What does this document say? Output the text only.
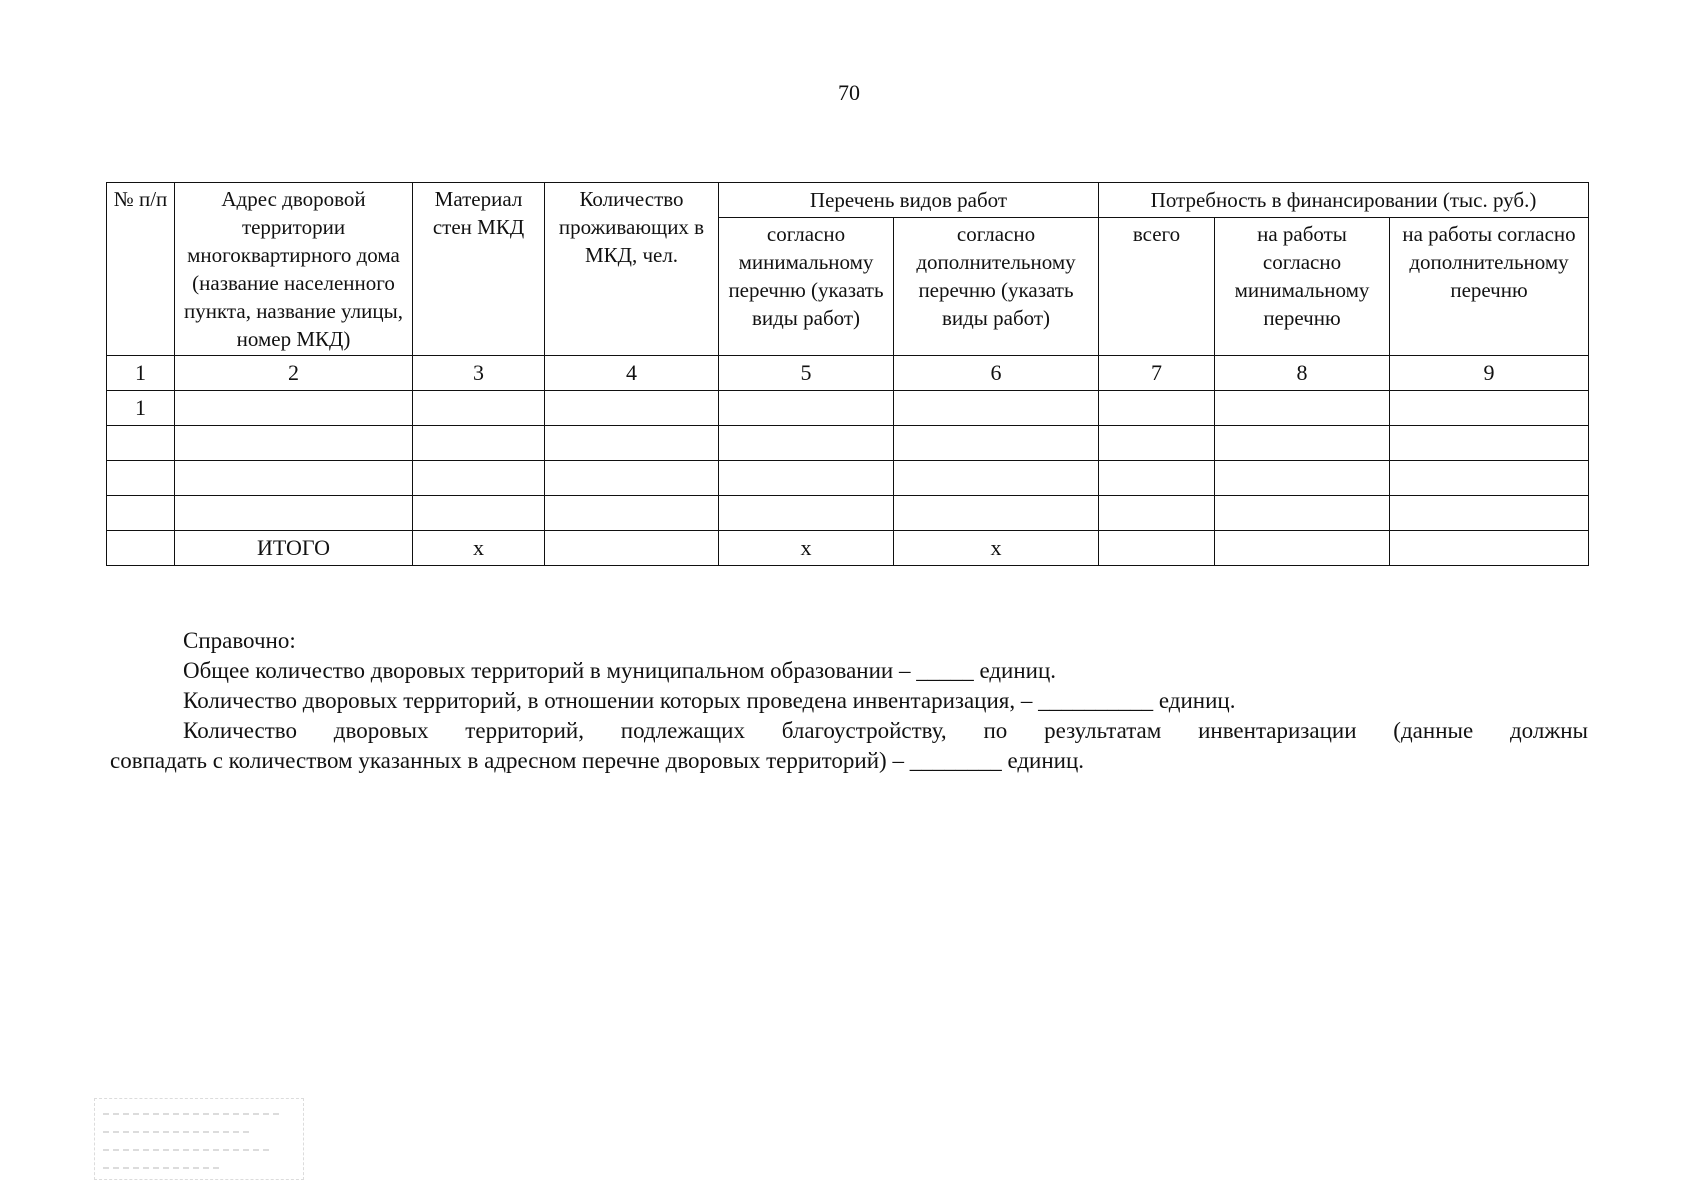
70
№ п/п	Адрес дворовой территории многоквартирного дома (название населенного пункта, название улицы, номер МКД)	Материал стен МКД	Количество проживающих в МКД, чел.	Перечень видов работ		Потребность в финансировании (тыс. руб.)		
				согласно минимальному перечню (указать виды работ)	согласно дополнительному перечню (указать виды работ)	всего	на работы согласно минимальному перечню	на работы согласно дополнительному перечню
1	2	3	4	5	6	7	8	9
1								

	ИТОГО	х		х	х			

Справочно:

Общее количество дворовых территорий в муниципальном образовании – _____ единиц.

Количество дворовых территорий, в отношении которых проведена инвентаризация, – __________ единиц.

Количество дворовых территорий, подлежащих благоустройству, по результатам инвентаризации (данные должны

совпадать с количеством указанных в адресном перечне дворовых территорий) – ________ единиц.
